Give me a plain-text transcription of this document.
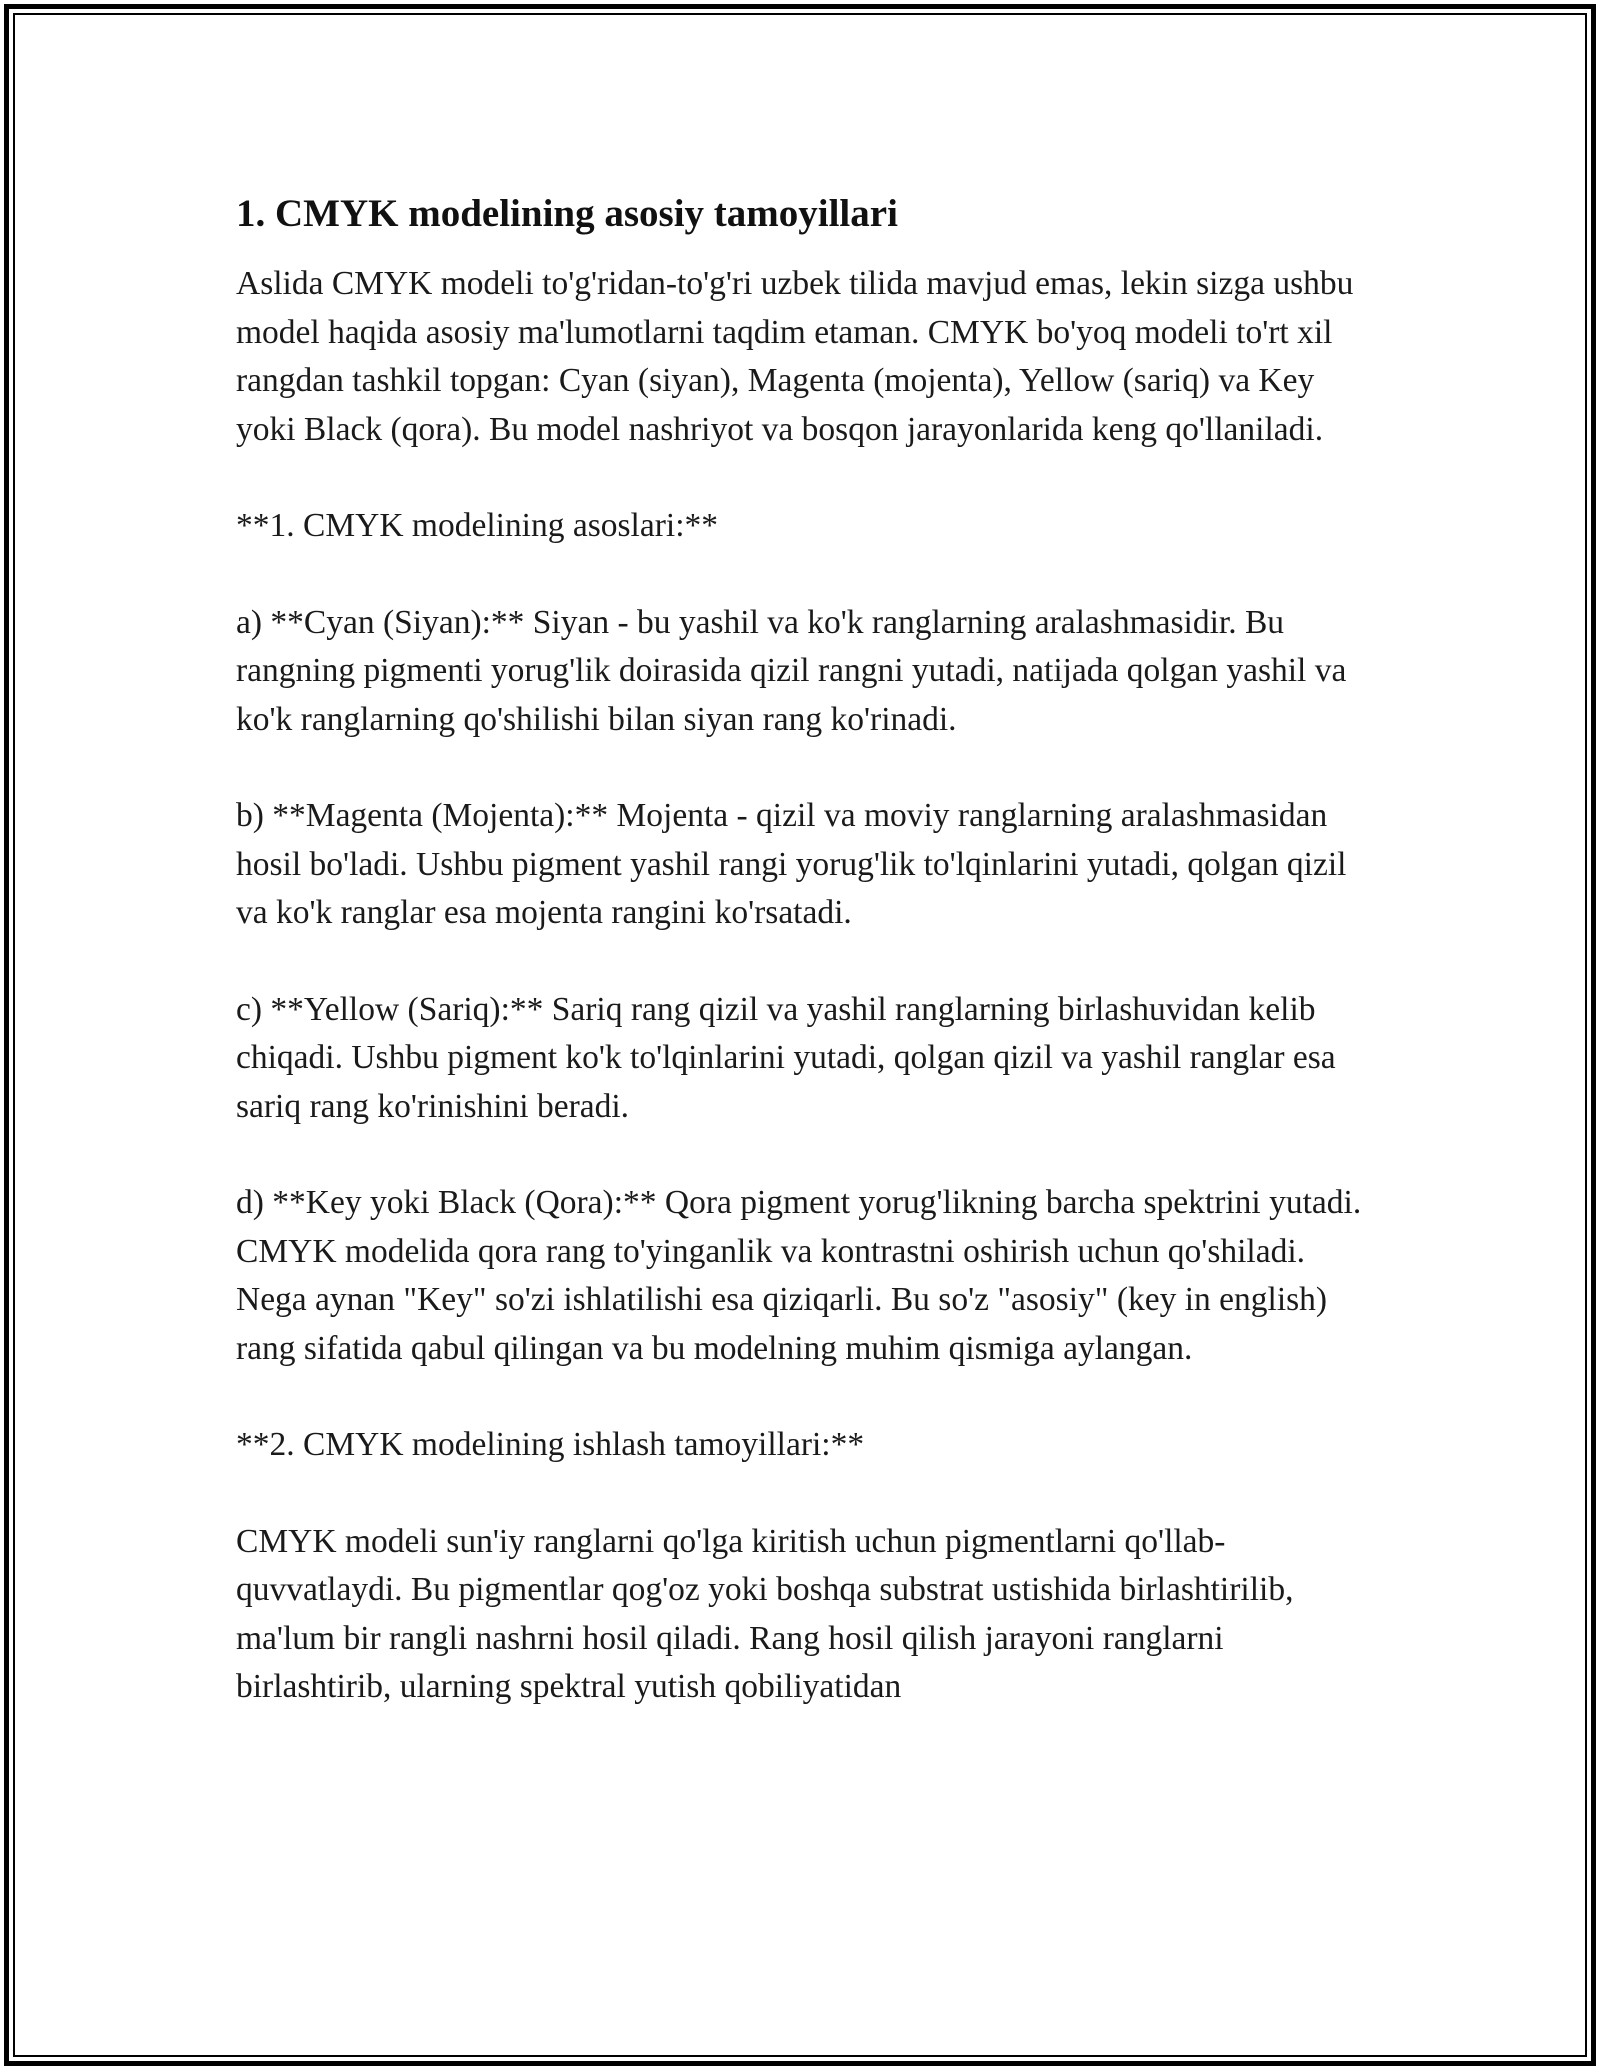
1. CMYK modelining asosiy tamoyillari

Aslida CMYK modeli to'g'ridan-to'g'ri uzbek tilida mavjud emas, lekin sizga ushbu model haqida asosiy ma'lumotlarni taqdim etaman. CMYK bo'yoq modeli to'rt xil rangdan tashkil topgan: Cyan (siyan), Magenta (mojenta), Yellow (sariq) va Key yoki Black (qora). Bu model nashriyot va bosqon jarayonlarida keng qo'llaniladi.

**1. CMYK modelining asoslari:**

a) **Cyan (Siyan):** Siyan - bu yashil va ko'k ranglarning aralashmasidir. Bu rangning pigmenti yorug'lik doirasida qizil rangni yutadi, natijada qolgan yashil va ko'k ranglarning qo'shilishi bilan siyan rang ko'rinadi.

b) **Magenta (Mojenta):** Mojenta - qizil va moviy ranglarning aralashmasidan hosil bo'ladi. Ushbu pigment yashil rangi yorug'lik to'lqinlarini yutadi, qolgan qizil va ko'k ranglar esa mojenta rangini ko'rsatadi.

c) **Yellow (Sariq):** Sariq rang qizil va yashil ranglarning birlashuvidan kelib chiqadi. Ushbu pigment ko'k to'lqinlarini yutadi, qolgan qizil va yashil ranglar esa sariq rang ko'rinishini beradi.

d) **Key yoki Black (Qora):** Qora pigment yorug'likning barcha spektrini yutadi. CMYK modelida qora rang to'yinganlik va kontrastni oshirish uchun qo'shiladi. Nega aynan "Key" so'zi ishlatilishi esa qiziqarli. Bu so'z "asosiy" (key in english) rang sifatida qabul qilingan va bu modelning muhim qismiga aylangan.

**2. CMYK modelining ishlash tamoyillari:**

CMYK modeli sun'iy ranglarni qo'lga kiritish uchun pigmentlarni qo'llab-quvvatlaydi. Bu pigmentlar qog'oz yoki boshqa substrat ustishida birlashtirilib, ma'lum bir rangli nashrni hosil qiladi. Rang hosil qilish jarayoni ranglarni birlashtirib, ularning spektral yutish qobiliyatidan
